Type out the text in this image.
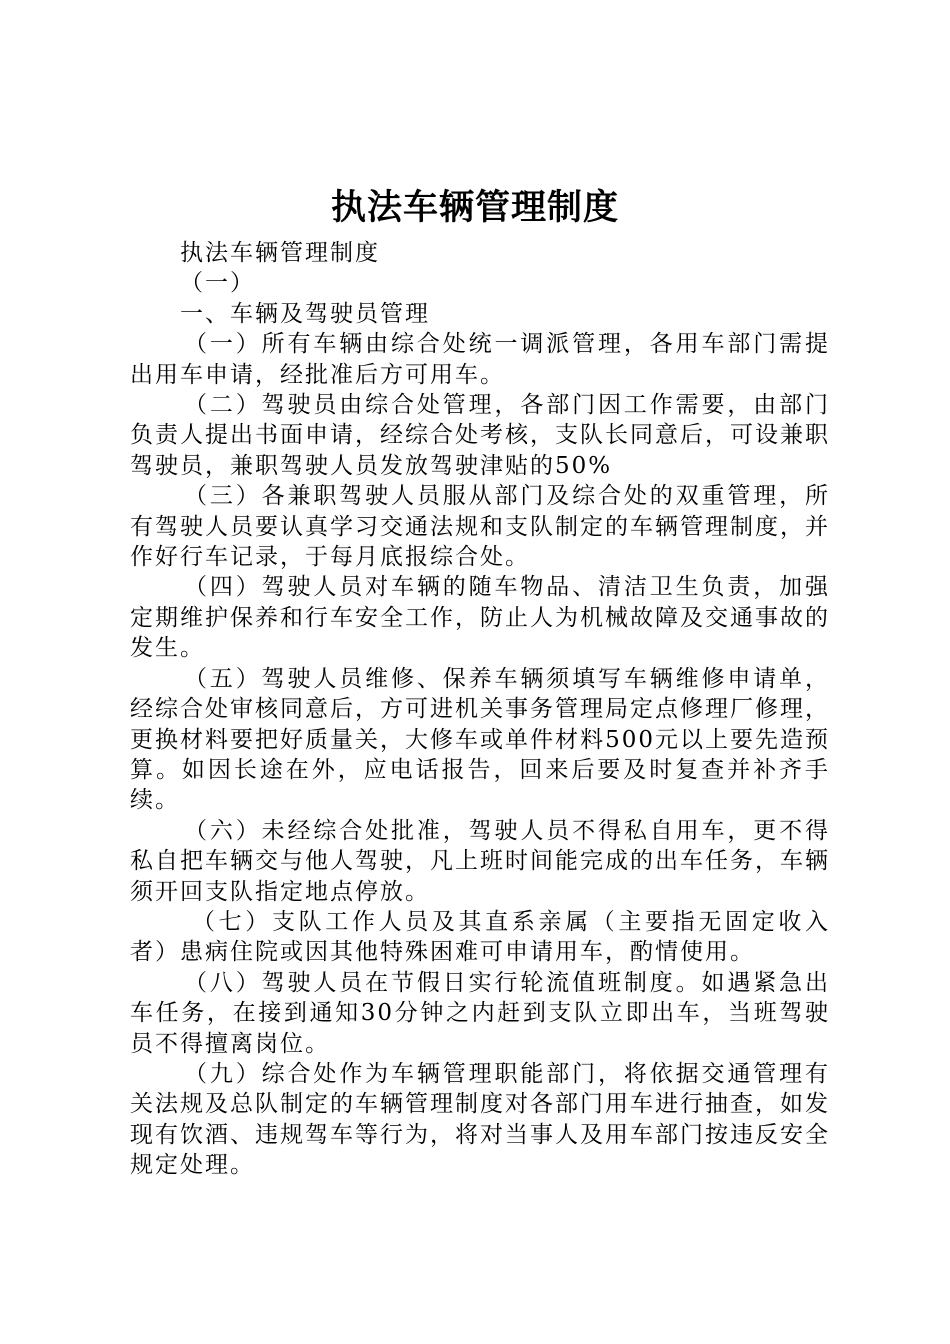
执法车辆管理制度

执法车辆管理制度

（一）

一、车辆及驾驶员管理

（一）所有车辆由综合处统一调派管理，各用车部门需提出用车申请，经批准后方可用车。

（二）驾驶员由综合处管理，各部门因工作需要，由部门负责人提出书面申请，经综合处考核，支队长同意后，可设兼职驾驶员，兼职驾驶人员发放驾驶津贴的50%

（三）各兼职驾驶人员服从部门及综合处的双重管理，所有驾驶人员要认真学习交通法规和支队制定的车辆管理制度，并作好行车记录，于每月底报综合处。

（四）驾驶人员对车辆的随车物品、清洁卫生负责，加强定期维护保养和行车安全工作，防止人为机械故障及交通事故的发生。

（五）驾驶人员维修、保养车辆须填写车辆维修申请单，经综合处审核同意后，方可进机关事务管理局定点修理厂修理，更换材料要把好质量关，大修车或单件材料500元以上要先造预算。如因长途在外，应电话报告，回来后要及时复查并补齐手续。

（六）未经综合处批准，驾驶人员不得私自用车，更不得私自把车辆交与他人驾驶，凡上班时间能完成的出车任务，车辆须开回支队指定地点停放。

（七）支队工作人员及其直系亲属（主要指无固定收入者）患病住院或因其他特殊困难可申请用车，酌情使用。

（八）驾驶人员在节假日实行轮流值班制度。如遇紧急出车任务，在接到通知30分钟之内赶到支队立即出车，当班驾驶员不得擅离岗位。

（九）综合处作为车辆管理职能部门，将依据交通管理有关法规及总队制定的车辆管理制度对各部门用车进行抽查，如发现有饮酒、违规驾车等行为，将对当事人及用车部门按违反安全规定处理。
